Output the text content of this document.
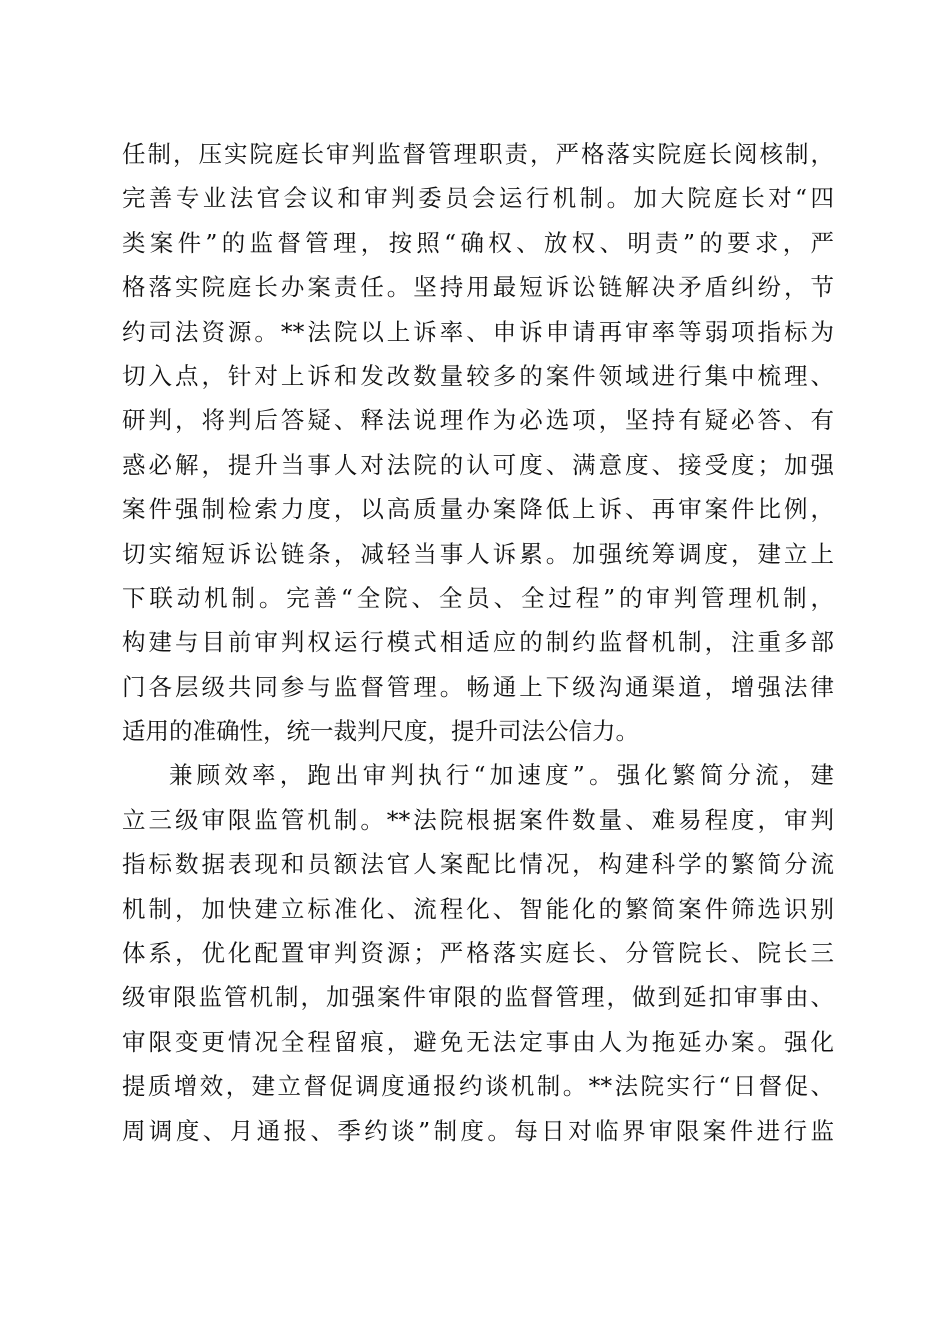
任制，压实院庭长审判监督管理职责，严格落实院庭长阅核制，
完善专业法官会议和审判委员会运行机制。加大院庭长对“四
类案件”的监督管理，按照“确权、放权、明责”的要求，严
格落实院庭长办案责任。坚持用最短诉讼链解决矛盾纠纷，节
约司法资源。**法院以上诉率、申诉申请再审率等弱项指标为
切入点，针对上诉和发改数量较多的案件领域进行集中梳理、
研判，将判后答疑、释法说理作为必选项，坚持有疑必答、有
惑必解，提升当事人对法院的认可度、满意度、接受度；加强
案件强制检索力度，以高质量办案降低上诉、再审案件比例，
切实缩短诉讼链条，减轻当事人诉累。加强统筹调度，建立上
下联动机制。完善“全院、全员、全过程”的审判管理机制，
构建与目前审判权运行模式相适应的制约监督机制，注重多部
门各层级共同参与监督管理。畅通上下级沟通渠道，增强法律
适用的准确性，统一裁判尺度，提升司法公信力。
兼顾效率，跑出审判执行“加速度”。强化繁简分流，建
立三级审限监管机制。**法院根据案件数量、难易程度，审判
指标数据表现和员额法官人案配比情况，构建科学的繁简分流
机制，加快建立标准化、流程化、智能化的繁简案件筛选识别
体系，优化配置审判资源；严格落实庭长、分管院长、院长三
级审限监管机制，加强案件审限的监督管理，做到延扣审事由、
审限变更情况全程留痕，避免无法定事由人为拖延办案。强化
提质增效，建立督促调度通报约谈机制。**法院实行“日督促、
周调度、月通报、季约谈”制度。每日对临界审限案件进行监
